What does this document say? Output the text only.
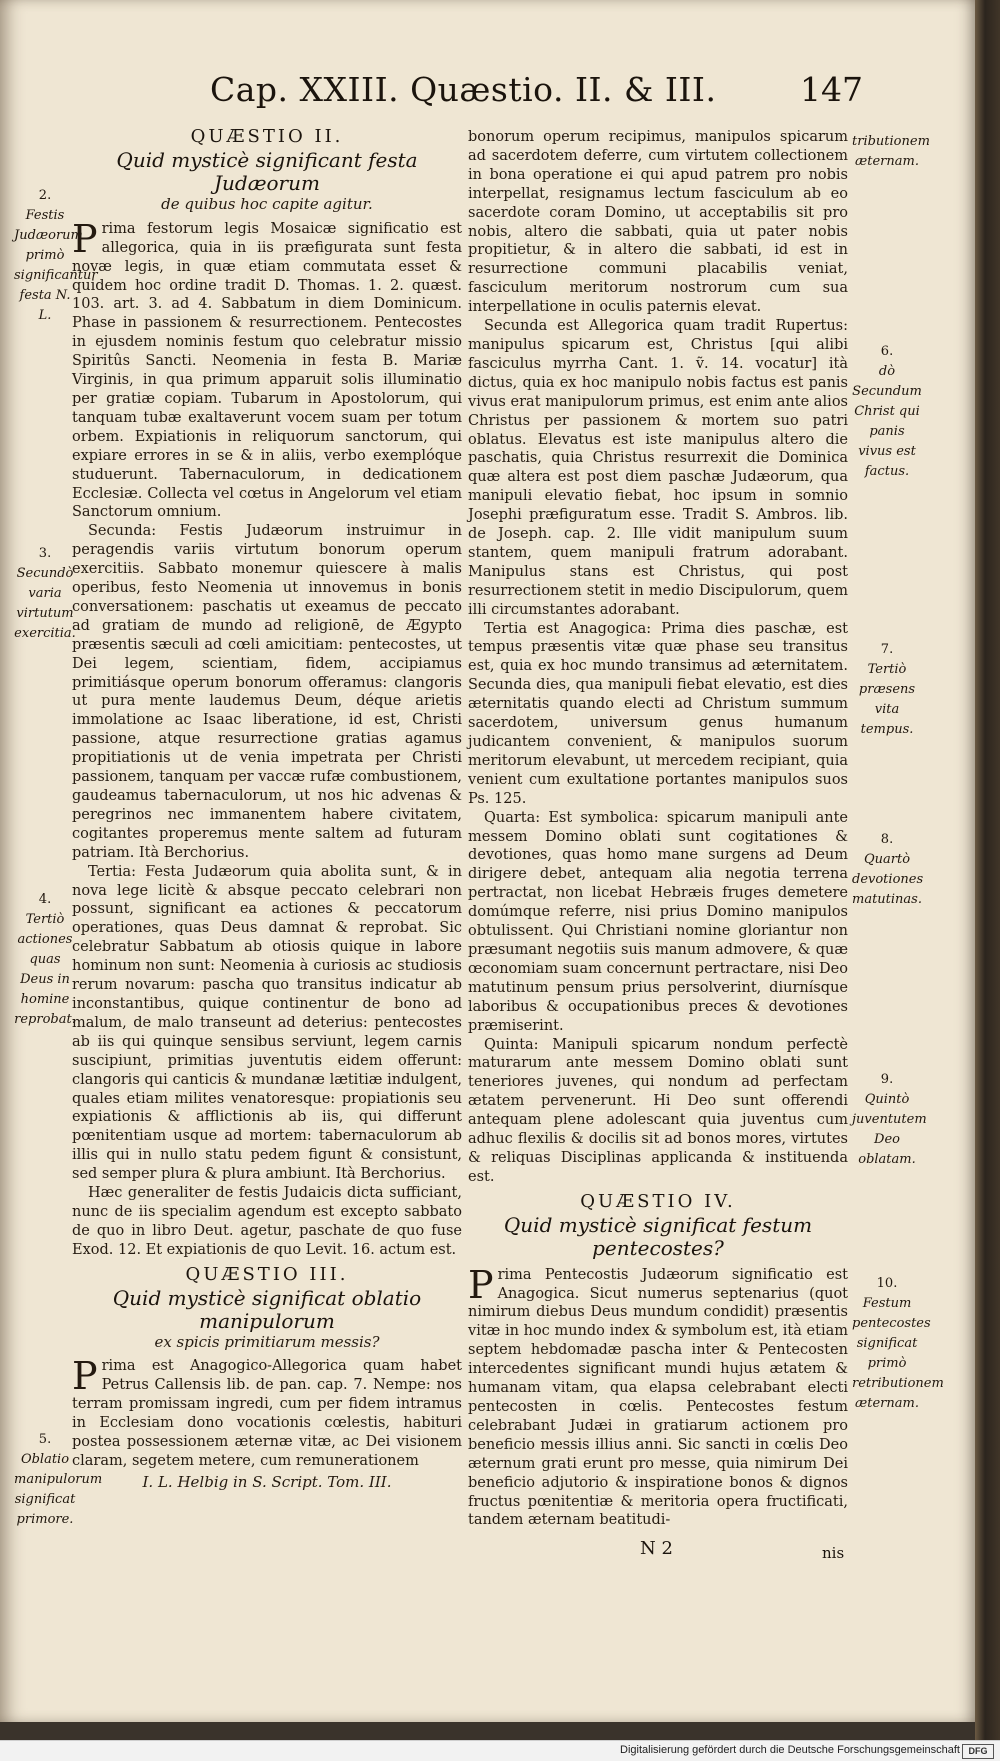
Cap. XXIII. Quæstio. II. & III.	147
2.
Festis Judæorum primò significantur festa N. L.
3.
Secundò varia virtutum exercitia.
4.
Tertiò actiones quas Deus in homine reprobat.
5.
Oblatio manipulorum significat primore.
QUÆSTIO II.
Quid mysticè significant festa Judæorum
de quibus hoc capite agitur.

Prima festorum legis Mosaicæ significatio est allegorica, quia in iis præfigurata sunt festa novæ legis, in quæ etiam commutata esset & quidem hoc ordine tradit D. Thomas. 1. 2. quæst. 103. art. 3. ad 4. Sabbatum in diem Dominicum. Phase in passionem & resurrectionem. Pentecostes in ejusdem nominis festum quo celebratur missio Spiritûs Sancti. Neomenia in festa B. Mariæ Virginis, in qua primum apparuit solis illuminatio per gratiæ copiam. Tubarum in Apostolorum, qui tanquam tubæ exaltaverunt vocem suam per totum orbem. Expiationis in reliquorum sanctorum, qui expiare errores in se & in aliis, verbo exemplóque studuerunt. Tabernaculorum, in dedicationem Ecclesiæ. Collecta vel cœtus in Angelorum vel etiam Sanctorum omnium.

Secunda: Festis Judæorum instruimur in peragendis variis virtutum bonorum operum exercitiis. Sabbato monemur quiescere à malis operibus, festo Neomenia ut innovemus in bonis conversationem: paschatis ut exeamus de peccato ad gratiam de mundo ad religionē, de Ægypto præsentis sæculi ad cœli amicitiam: pentecostes, ut Dei legem, scientiam, fidem, accipiamus primitiásque operum bonorum offeramus: clangoris ut pura mente laudemus Deum, déque arietis immolatione ac Isaac liberatione, id est, Christi passione, atque resurrectione gratias agamus propitiationis ut de venia impetrata per Christi passionem, tanquam per vaccæ rufæ combustionem, gaudeamus tabernaculorum, ut nos hic advenas & peregrinos nec immanentem habere civitatem, cogitantes properemus mente saltem ad futuram patriam. Ità Berchorius.

Tertia: Festa Judæorum quia abolita sunt, & in nova lege licitè & absque peccato celebrari non possunt, significant ea actiones & peccatorum operationes, quas Deus damnat & reprobat. Sic celebratur Sabbatum ab otiosis quique in labore hominum non sunt: Neomenia à curiosis ac studiosis rerum novarum: pascha quo transitus indicatur ab inconstantibus, quique continentur de bono ad malum, de malo transeunt ad deterius: pentecostes ab iis qui quinque sensibus serviunt, legem carnis suscipiunt, primitias juventutis eidem offerunt: clangoris qui canticis & mundanæ lætitiæ indulgent, quales etiam milites venatoresque: propiationis seu expiationis & afflictionis ab iis, qui differunt pœnitentiam usque ad mortem: tabernaculorum ab illis qui in nullo statu pedem figunt & consistunt, sed semper plura & plura ambiunt. Ità Berchorius.

Hæc generaliter de festis Judaicis dicta sufficiant, nunc de iis specialim agendum est excepto sabbato de quo in libro Deut. agetur, paschate de quo fuse Exod. 12. Et expiationis de quo Levit. 16. actum est.

QUÆSTIO III.
Quid mysticè significat oblatio manipulorum
ex spicis primitiarum messis?

Prima est Anagogico-Allegorica quam habet Petrus Callensis lib. de pan. cap. 7. Nempe: nos terram promissam ingredi, cum per fidem intramus in Ecclesiam dono vocationis cœlestis, habituri postea possessionem æternæ vitæ, ac Dei visionem claram, segetem metere, cum remunerationem

I. L. Helbig in S. Script. Tom. III.

bonorum operum recipimus, manipulos spicarum ad sacerdotem deferre, cum virtutem collectionem in bona operatione ei qui apud patrem pro nobis interpellat, resignamus lectum fasciculum ab eo sacerdote coram Domino, ut acceptabilis sit pro nobis, altero die sabbati, quia ut pater nobis propitietur, & in altero die sabbati, id est in resurrectione communi placabilis veniat, fasciculum meritorum nostrorum cum sua interpellatione in oculis paternis elevat.

Secunda est Allegorica quam tradit Rupertus: manipulus spicarum est, Christus [qui alibi fasciculus myrrha Cant. 1. ṽ. 14. vocatur] ità dictus, quia ex hoc manipulo nobis factus est panis vivus erat manipulorum primus, est enim ante alios Christus per passionem & mortem suo patri oblatus. Elevatus est iste manipulus altero die paschatis, quia Christus resurrexit die Dominica quæ altera est post diem paschæ Judæorum, qua manipuli elevatio fiebat, hoc ipsum in somnio Josephi præfiguratum esse. Tradit S. Ambros. lib. de Joseph. cap. 2. Ille vidit manipulum suum stantem, quem manipuli fratrum adorabant. Manipulus stans est Christus, qui post resurrectionem stetit in medio Discipulorum, quem illi circumstantes adorabant.

Tertia est Anagogica: Prima dies paschæ, est tempus præsentis vitæ quæ phase seu transitus est, quia ex hoc mundo transimus ad æternitatem. Secunda dies, qua manipuli fiebat elevatio, est dies æternitatis quando electi ad Christum summum sacerdotem, universum genus humanum judicantem convenient, & manipulos suorum meritorum elevabunt, ut mercedem recipiant, quia venient cum exultatione portantes manipulos suos Ps. 125.

Quarta: Est symbolica: spicarum manipuli ante messem Domino oblati sunt cogitationes & devotiones, quas homo mane surgens ad Deum dirigere debet, antequam alia negotia terrena pertractat, non licebat Hebræis fruges demetere domúmque referre, nisi prius Domino manipulos obtulissent. Qui Christiani nomine gloriantur non præsumant negotiis suis manum admovere, & quæ œconomiam suam concernunt pertractare, nisi Deo matutinum pensum prius persolverint, diurnísque laboribus & occupationibus preces & devotiones præmiserint.

Quinta: Manipuli spicarum nondum perfectè maturarum ante messem Domino oblati sunt teneriores juvenes, qui nondum ad perfectam ætatem pervenerunt. Hi Deo sunt offerendi antequam plene adolescant quia juventus cum adhuc flexilis & docilis sit ad bonos mores, virtutes & reliquas Disciplinas applicanda & instituenda est.

QUÆSTIO IV.
Quid mysticè significat festum pentecostes?

Prima Pentecostis Judæorum significatio est Anagogica. Sicut numerus septenarius (quot nimirum diebus Deus mundum condidit) præsentis vitæ in hoc mundo index & symbolum est, ità etiam septem hebdomadæ pascha inter & Pentecosten intercedentes significant mundi hujus ætatem & humanam vitam, qua elapsa celebrabant electi pentecosten in cœlis. Pentecostes festum celebrabant Judæi in gratiarum actionem pro beneficio messis illius anni. Sic sancti in cœlis Deo æternum grati erunt pro messe, quia nimirum Dei beneficio adjutorio & inspiratione bonos & dignos fructus pœnitentiæ & meritoria opera fructificati, tandem æternam beatitudi-

N 2	nis
tributionem æternam.
6.
dò Secundum Christ qui panis vivus est factus.
7.
Tertiò præsens vita tempus.
8.
Quartò devotiones matutinas.
9.
Quintò juventutem Deo oblatam.
10.
Festum pentecostes significat primò retributionem æternam.
Digitalisierung gefördert durch die Deutsche Forschungsgemeinschaft DFG
